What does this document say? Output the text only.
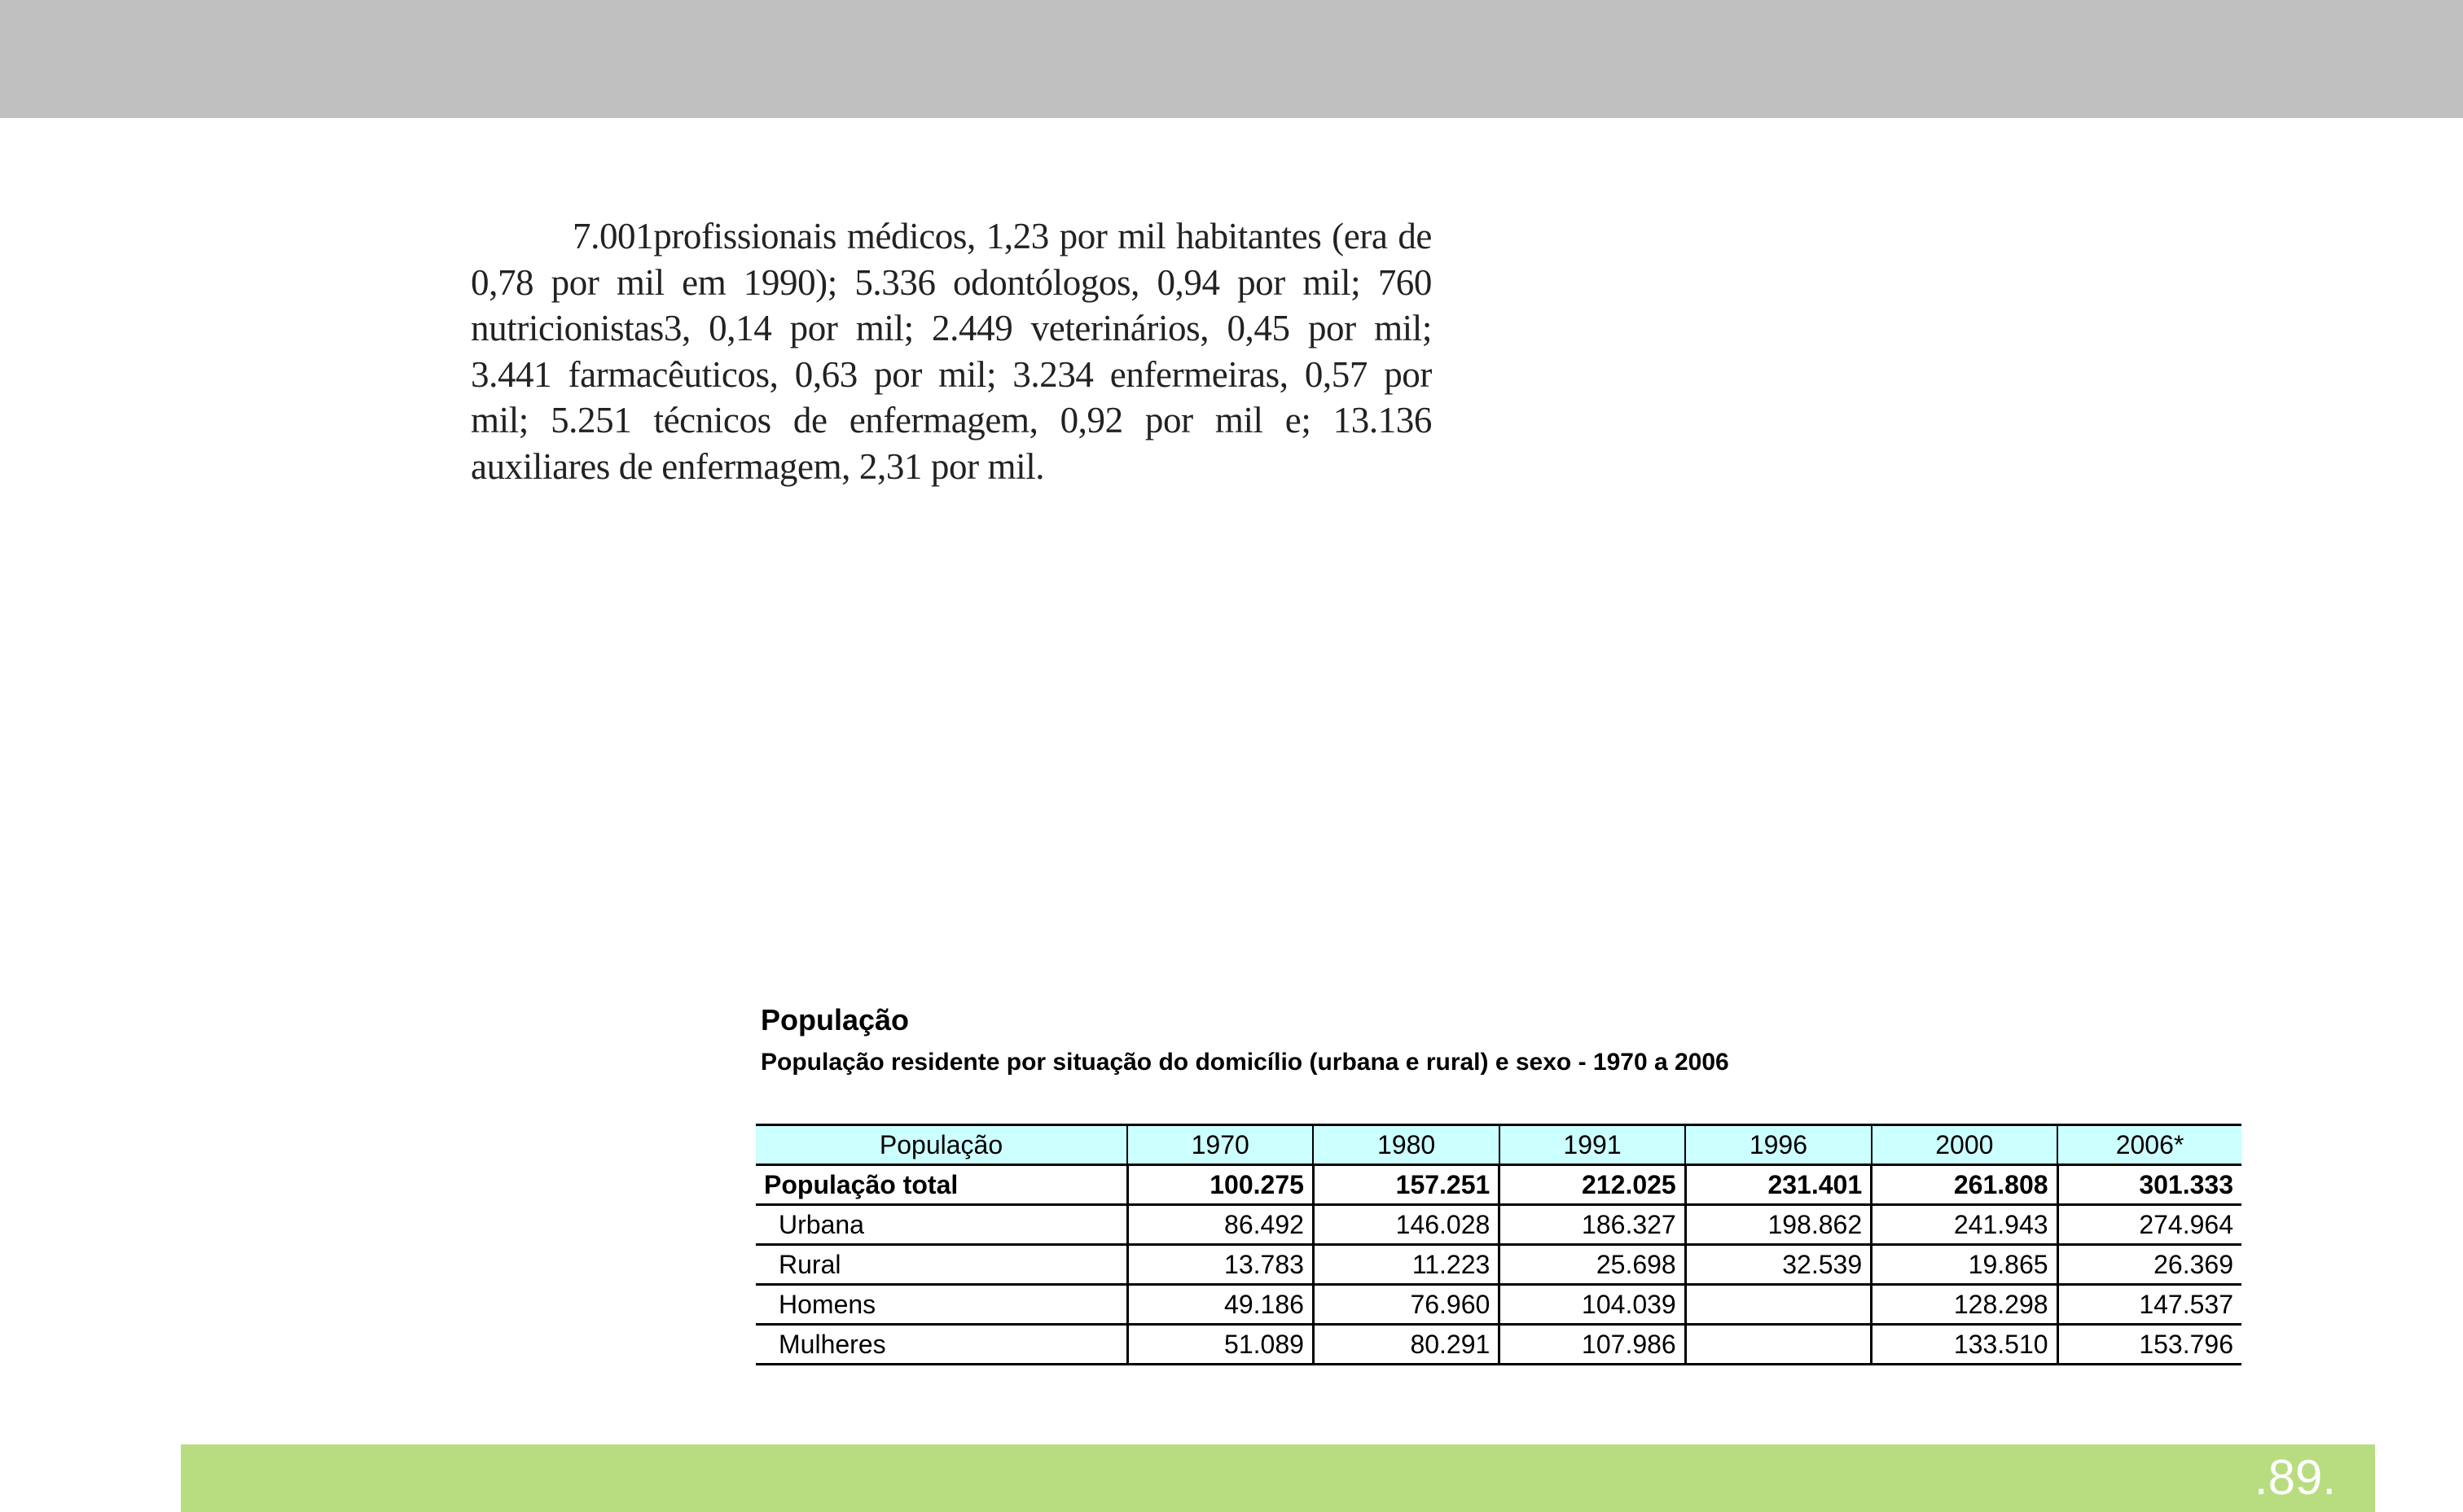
7.001profissionais médicos, 1,23 por mil habitantes (era de 0,78 por mil em 1990); 5.336 odontólogos, 0,94 por mil; 760 nutricionistas3, 0,14 por mil; 2.449 veterinários, 0,45 por mil; 3.441 farmacêuticos, 0,63 por mil; 3.234 enfermeiras, 0,57 por mil; 5.251 técnicos de enfermagem, 0,92 por mil e; 13.136 auxiliares de enfermagem, 2,31 por mil.

População
População residente por situação do domicílio (urbana e rural) e sexo - 1970 a 2006
População	1970	1980	1991	1996	2000	2006*
População total	100.275	157.251	212.025	231.401	261.808	301.333
Urbana	86.492	146.028	186.327	198.862	241.943	274.964
Rural	13.783	11.223	25.698	32.539	19.865	26.369
Homens	49.186	76.960	104.039		128.298	147.537
Mulheres	51.089	80.291	107.986		133.510	153.796
.89.
